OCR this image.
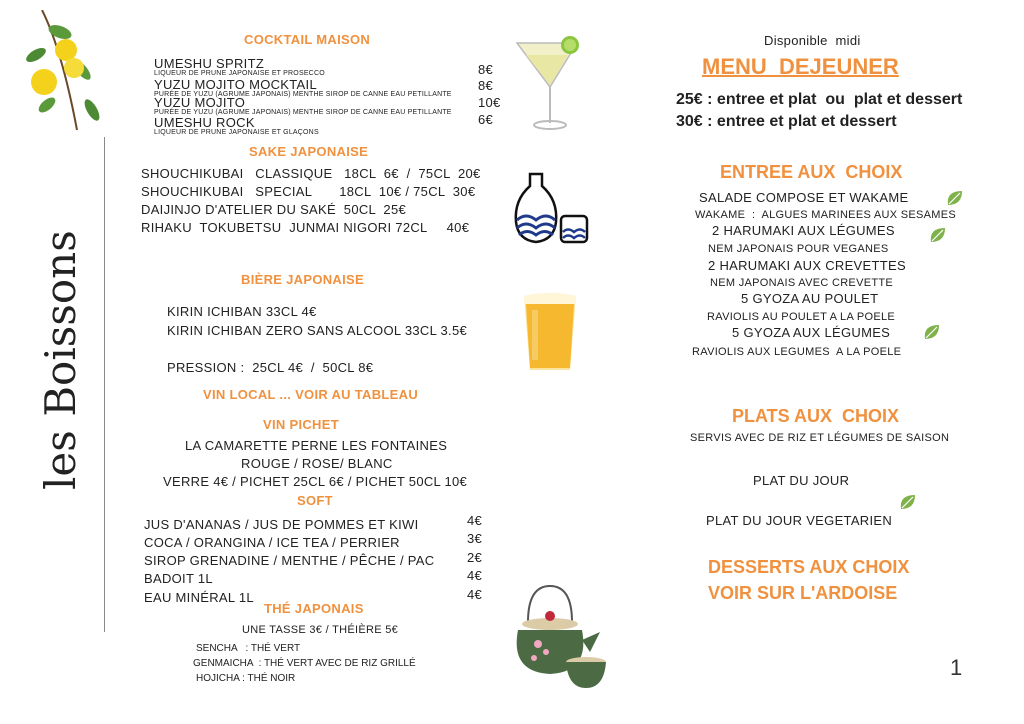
les Boissons
COCKTAIL MAISON
UMESHU SPRITZ
LIQUEUR DE PRUNE JAPONAISE ET PROSECCO
YUZU MOJITO MOCKTAIL
PURÉE DE YUZU (AGRUME JAPONAIS) MENTHE SIROP DE CANNE EAU PETILLANTE
YUZU MOJITO
PURÉE DE YUZU (AGRUME JAPONAIS) MENTHE SIROP DE CANNE EAU PETILLANTE
UMESHU ROCK
LIQUEUR DE PRUNE JAPONAISE ET GLAÇONS
8€
8€
10€
6€
SAKE JAPONAISE
SHOUCHIKUBAI   CLASSIQUE   18CL  6€  /  75CL  20€
SHOUCHIKUBAI   SPECIAL       18CL  10€ / 75CL  30€
DAIJINJO D'ATELIER DU SAKÉ  50CL  25€
RIHAKU  TOKUBETSU  JUNMAI NIGORI 72CL     40€
BIÈRE JAPONAISE
KIRIN ICHIBAN 33CL 4€
KIRIN ICHIBAN ZERO SANS ALCOOL 33CL 3.5€
PRESSION :  25CL 4€  /  50CL 8€
VIN LOCAL ... VOIR AU TABLEAU
VIN PICHET
LA CAMARETTE PERNE LES FONTAINES
ROUGE / ROSE/ BLANC
VERRE 4€ / PICHET 25CL 6€ / PICHET 50CL 10€
SOFT
JUS D'ANANAS / JUS DE POMMES ET KIWI
COCA / ORANGINA / ICE TEA / PERRIER
SIROP GRENADINE / MENTHE / PÊCHE / PAC
BADOIT 1L
EAU MINÉRAL 1L
4€
3€
2€
4€
4€
THÉ JAPONAIS
UNE TASSE 3€ / THÉIÈRE 5€
SENCHA   : THÉ VERT
GENMAICHA  : THÉ VERT AVEC DE RIZ GRILLÉ
HOJICHA : THÉ NOIR
Disponible  midi
MENU  DEJEUNER
25€ : entree et plat  ou  plat et dessert
30€ : entree et plat et dessert
ENTREE AUX  CHOIX
SALADE COMPOSE ET WAKAME
WAKAME  :  ALGUES MARINEES AUX SESAMES
2 HARUMAKI AUX LÉGUMES
NEM JAPONAIS POUR VEGANES
2 HARUMAKI AUX CREVETTES
NEM JAPONAIS AVEC CREVETTE
5 GYOZA AU POULET
RAVIOLIS AU POULET A LA POELE
5 GYOZA AUX LÉGUMES
RAVIOLIS AUX LEGUMES  A LA POELE
PLATS AUX  CHOIX
SERVIS AVEC DE RIZ ET LÉGUMES DE SAISON
PLAT DU JOUR
PLAT DU JOUR VEGETARIEN
DESSERTS AUX CHOIX
VOIR SUR L'ARDOISE
1
